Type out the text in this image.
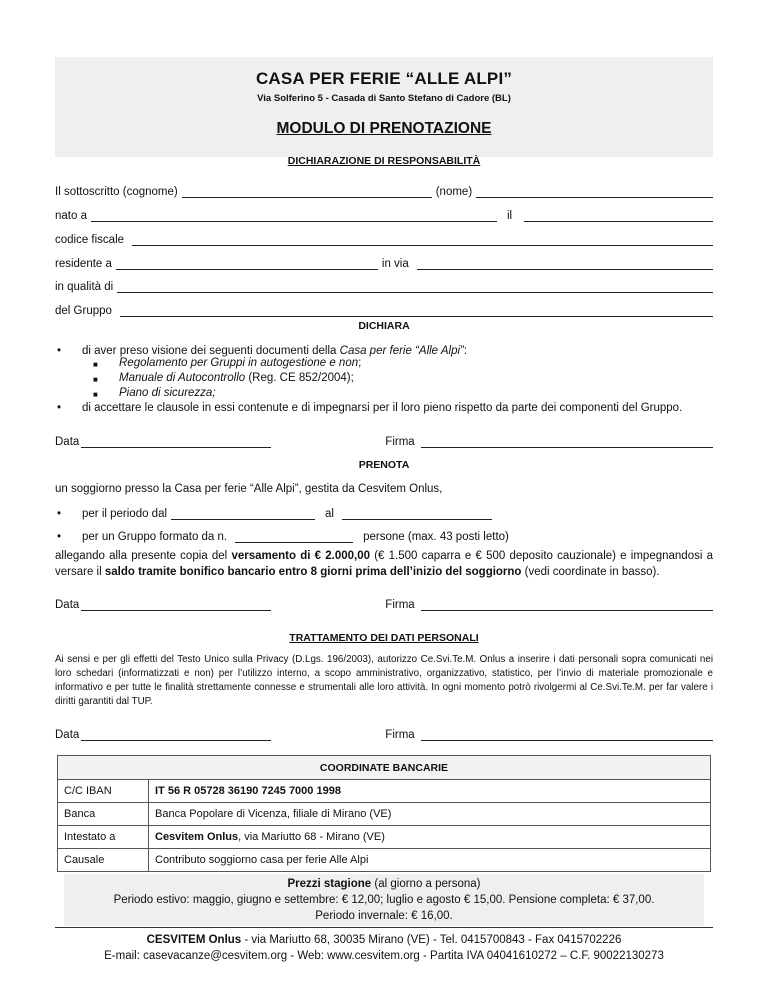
CASA PER FERIE “ALLE ALPI”
Via Solferino 5 - Casada di Santo Stefano di Cadore (BL)
MODULO DI PRENOTAZIONE
DICHIARAZIONE DI RESPONSABILITÀ
Il sottoscritto (cognome)	(nome)
nato a	il
codice fiscale
residente a	in via
in qualità di
del Gruppo
DICHIARA
•	di aver preso visione dei seguenti documenti della Casa per ferie “Alle Alpi”:
■	Regolamento per Gruppi in autogestione e non;
■	Manuale di Autocontrollo (Reg. CE 852/2004);
■	Piano di sicurezza;
•	di accettare le clausole in essi contenute e di impegnarsi per il loro pieno rispetto da parte dei componenti del Gruppo.
Data	Firma
PRENOTA
un soggiorno presso la Casa per ferie “Alle Alpi”, gestita da Cesvitem Onlus,
•	per il periodo dal	al
•	per un Gruppo formato da n.	persone (max. 43 posti letto)
allegando alla presente copia del versamento di € 2.000,00 (€ 1.500 caparra e € 500 deposito cauzionale) e impegnandosi a versare il saldo tramite bonifico bancario entro 8 giorni prima dell’inizio del soggiorno (vedi coordinate in basso).
Data	Firma
TRATTAMENTO DEI DATI PERSONALI
Ai sensi e per gli effetti del Testo Unico sulla Privacy (D.Lgs. 196/2003), autorizzo Ce.Svi.Te.M. Onlus a inserire i dati personali sopra comunicati nei loro schedari (informatizzati e non) per l’utilizzo interno, a scopo amministrativo, organizzativo, statistico, per l’invio di materiale promozionale e informativo e per tutte le finalità strettamente connesse e strumentali alle loro attività. In ogni momento potrò rivolgermi al Ce.Svi.Te.M. per far valere i diritti garantiti dal TUP.
Data	Firma
COORDINATE BANCARIE
C/C IBAN	IT 56 R 05728 36190 7245 7000 1998
Banca	Banca Popolare di Vicenza, filiale di Mirano (VE)
Intestato a	Cesvitem Onlus, via Mariutto 68 - Mirano (VE)
Causale	Contributo soggiorno casa per ferie Alle Alpi
Prezzi stagione (al giorno a persona)
Periodo estivo: maggio, giugno e settembre: € 12,00; luglio e agosto € 15,00. Pensione completa: € 37,00.
Periodo invernale: € 16,00.
CESVITEM Onlus - via Mariutto 68, 30035 Mirano (VE) - Tel. 0415700843 - Fax 0415702226
E-mail: casevacanze@cesvitem.org - Web: www.cesvitem.org - Partita IVA 04041610272 – C.F. 90022130273
